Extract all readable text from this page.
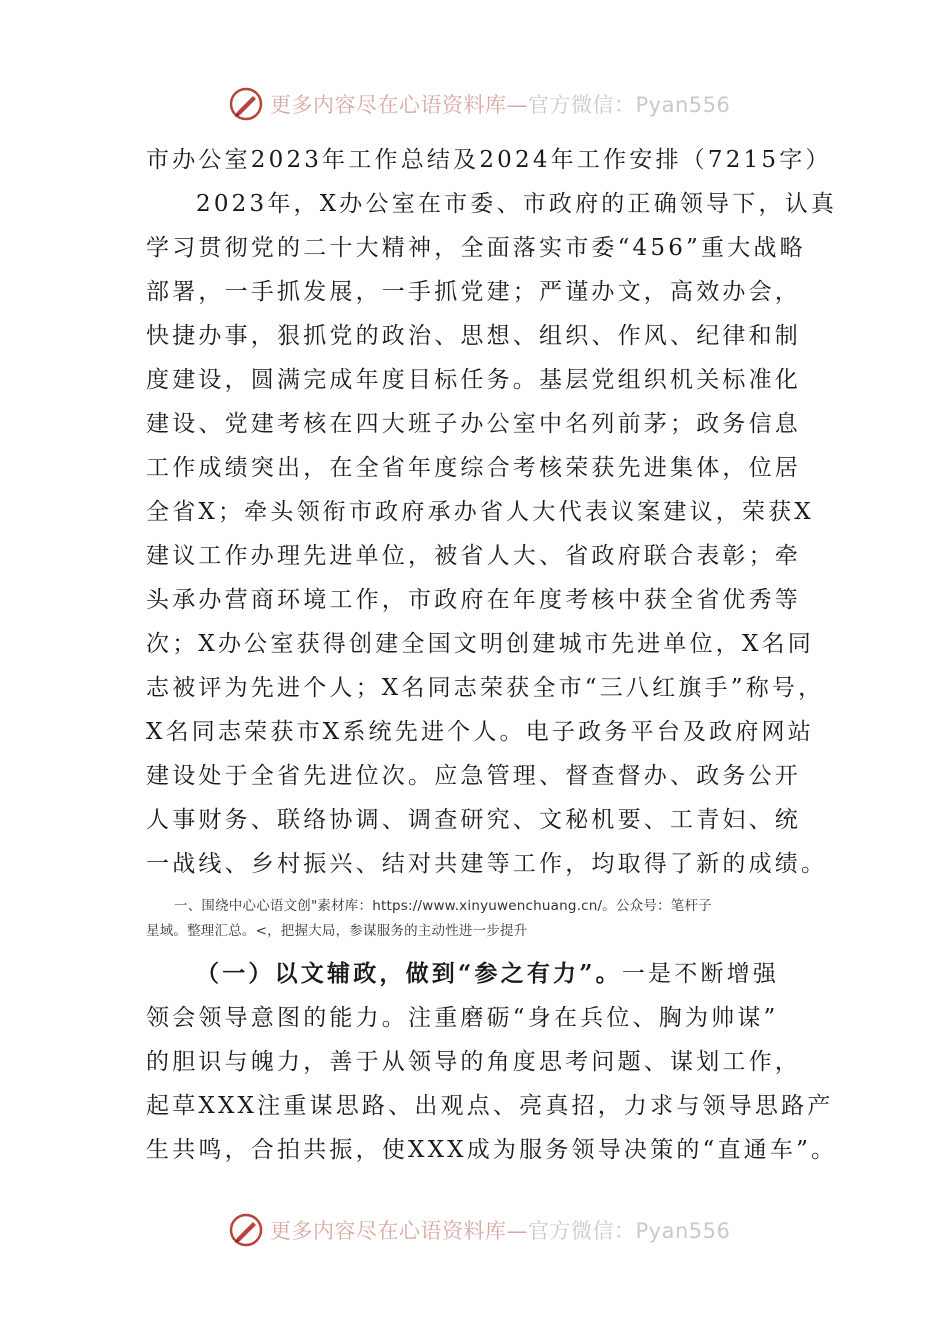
更多内容尽在心语资料库—官方微信：Pyan556
市办公室2023年工作总结及2024年工作安排（7215字）
2023年，X办公室在市委、市政府的正确领导下，认真
学习贯彻党的二十大精神，全面落实市委“456”重大战略
部署，一手抓发展，一手抓党建；严谨办文，高效办会，
快捷办事，狠抓党的政治、思想、组织、作风、纪律和制
度建设，圆满完成年度目标任务。基层党组织机关标准化
建设、党建考核在四大班子办公室中名列前茅；政务信息
工作成绩突出，在全省年度综合考核荣获先进集体，位居
全省X；牵头领衔市政府承办省人大代表议案建议，荣获X
建议工作办理先进单位，被省人大、省政府联合表彰；牵
头承办营商环境工作，市政府在年度考核中获全省优秀等
次；X办公室获得创建全国文明创建城市先进单位，X名同
志被评为先进个人；X名同志荣获全市“三八红旗手”称号，
X名同志荣获市X系统先进个人。电子政务平台及政府网站
建设处于全省先进位次。应急管理、督查督办、政务公开
人事财务、联络协调、调查研究、文秘机要、工青妇、统
一战线、乡村振兴、结对共建等工作，均取得了新的成绩。
一、围绕中心心语文创"素材库：https://www.xinyuwenchuang.cn/。公众号：笔杆子
星域。整理汇总。<，把握大局，参谋服务的主动性进一步提升
（一）以文辅政，做到“参之有力”。一是不断增强
领会领导意图的能力。注重磨砺“身在兵位、胸为帅谋”
的胆识与魄力，善于从领导的角度思考问题、谋划工作，
起草XXX注重谋思路、出观点、亮真招，力求与领导思路产
生共鸣，合拍共振，使XXX成为服务领导决策的“直通车”。
更多内容尽在心语资料库—官方微信：Pyan556
